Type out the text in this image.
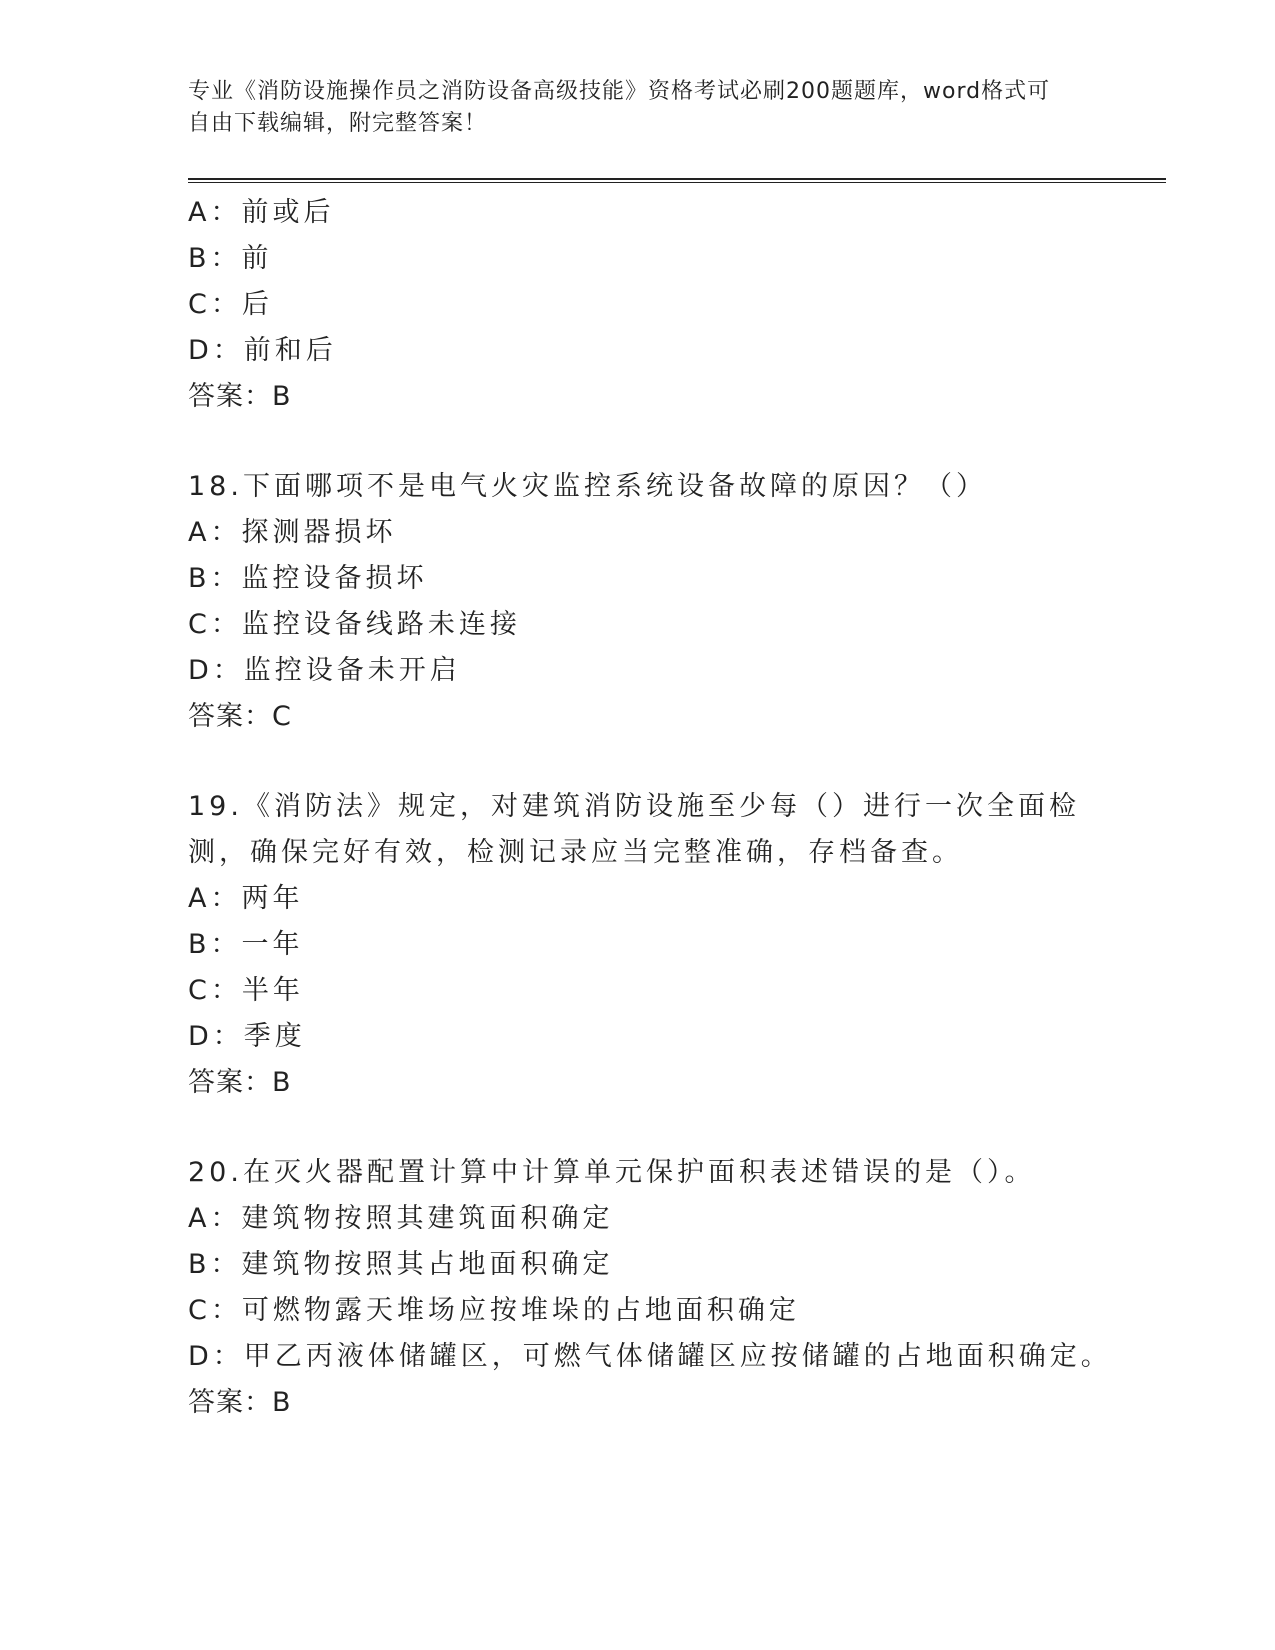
专业《消防设施操作员之消防设备高级技能》资格考试必刷200题题库，word格式可自由下载编辑，附完整答案！
A：前或后
B：前
C：后
D：前和后
答案：B
18.下面哪项不是电气火灾监控系统设备故障的原因？（）
A：探测器损坏
B：监控设备损坏
C：监控设备线路未连接
D：监控设备未开启
答案：C
19.《消防法》规定，对建筑消防设施至少每（）进行一次全面检测，确保完好有效，检测记录应当完整准确，存档备查。
A：两年
B：一年
C：半年
D：季度
答案：B
20.在灭火器配置计算中计算单元保护面积表述错误的是（）。
A：建筑物按照其建筑面积确定
B：建筑物按照其占地面积确定
C：可燃物露天堆场应按堆垛的占地面积确定
D：甲乙丙液体储罐区，可燃气体储罐区应按储罐的占地面积确定。
答案：B
